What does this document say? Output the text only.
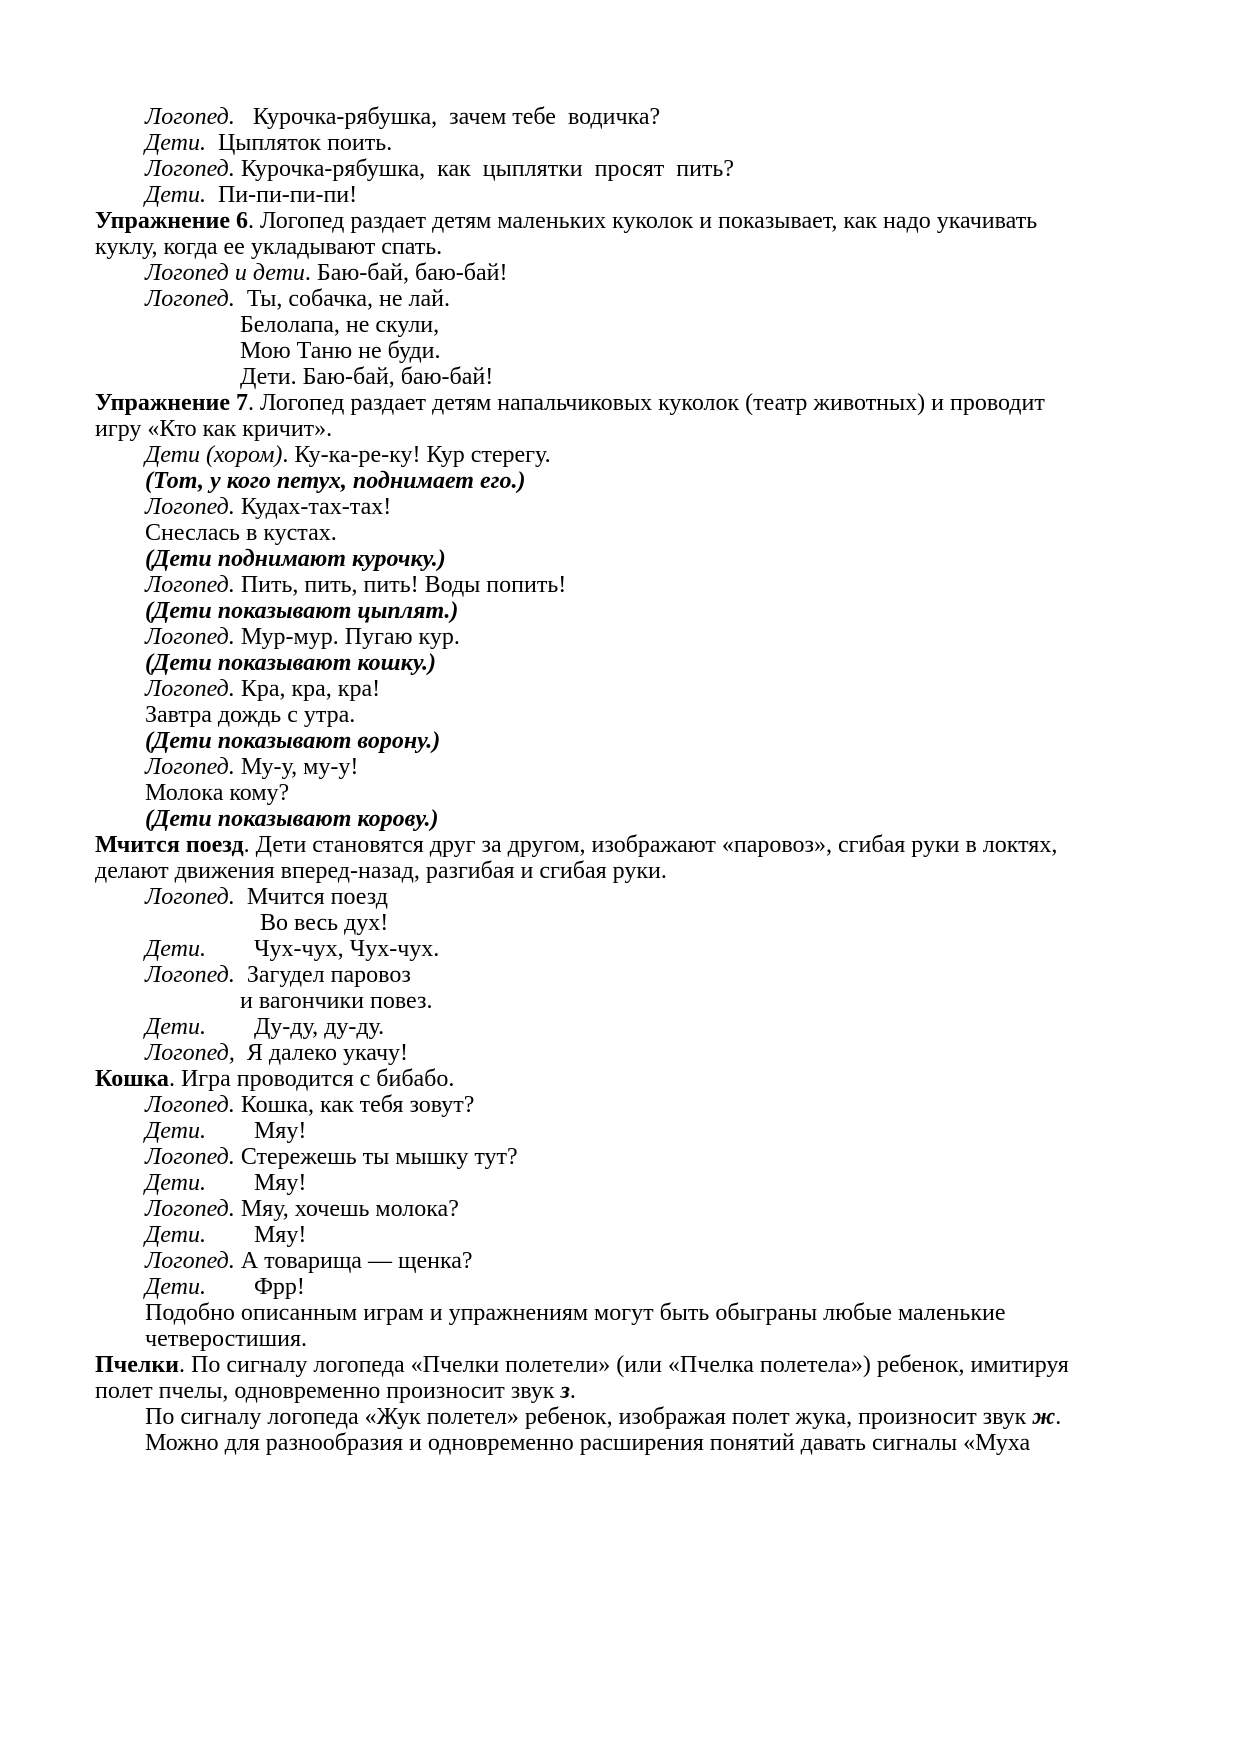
Логопед.   Курочка-рябушка,  зачем тебе  водичка?
Дети.  Цыпляток поить.
Логопед. Курочка-рябушка,  как  цыплятки  просят  пить?
Дети.  Пи-пи-пи-пи!
Упражнение 6. Логопед раздает детям маленьких куколок и показывает, как надо укачивать
куклу, когда ее укладывают спать.
Логопед и дети. Баю-бай, баю-бай!
Логопед.  Ты, собачка, не лай.
Белолапа, не скули,
Мою Таню не буди.
Дети. Баю-бай, баю-бай!
Упражнение 7. Логопед раздает детям напальчиковых куколок (театр животных) и проводит
игру «Кто как кричит».
Дети (хором). Ку-ка-ре-ку! Кур стерегу.
(Тот, у кого петух, поднимает его.)
Логопед. Кудах-тах-тах!
Снеслась в кустах.
(Дети поднимают курочку.)
Логопед. Пить, пить, пить! Воды попить!
(Дети показывают цыплят.)
Логопед. Мур-мур. Пугаю кур.
(Дети показывают кошку.)
Логопед. Кра, кра, кра!
Завтра дождь с утра.
(Дети показывают ворону.)
Логопед. Му-у, му-у!
Молока кому?
(Дети показывают корову.)
Мчится поезд. Дети становятся друг за другом, изображают «паровоз», сгибая руки в локтях,
делают движения вперед-назад, разгибая и сгибая руки.
Логопед.  Мчится поезд
Во весь дух!
Дети.        Чух-чух, Чух-чух.
Логопед.  Загудел паровоз
и вагончики повез.
Дети.        Ду-ду, ду-ду.
Логопед,  Я далеко укачу!
Кошка. Игра проводится с бибабо.
Логопед. Кошка, как тебя зовут?
Дети.        Мяу!
Логопед. Стережешь ты мышку тут?
Дети.        Мяу!
Логопед. Мяу, хочешь молока?
Дети.        Мяу!
Логопед. А товарища — щенка?
Дети.        Фрр!
Подобно описанным играм и упражнениям могут быть обыграны любые маленькие
четверостишия.
Пчелки. По сигналу логопеда «Пчелки полетели» (или «Пчелка полетела») ребенок, имитируя
полет пчелы, одновременно произносит звук з.
По сигналу логопеда «Жук полетел» ребенок, изображая полет жука, произносит звук ж.
Можно для разнообразия и одновременно расширения понятий давать сигналы «Муха
